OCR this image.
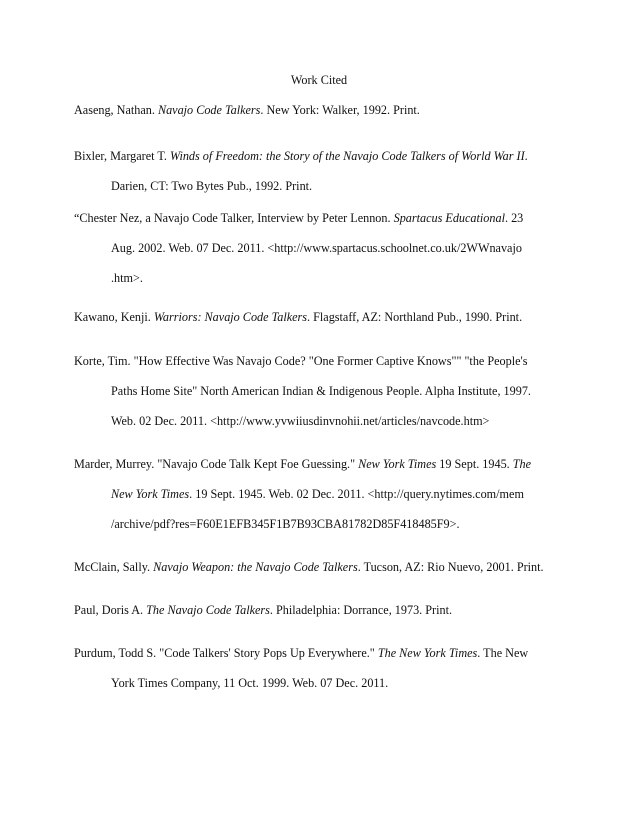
Work Cited
Aaseng, Nathan. Navajo Code Talkers. New York: Walker, 1992. Print.
Bixler, Margaret T. Winds of Freedom: the Story of the Navajo Code Talkers of World War II.
Darien, CT: Two Bytes Pub., 1992. Print.
“Chester Nez, a Navajo Code Talker, Interview by Peter Lennon. Spartacus Educational. 23
Aug. 2002. Web. 07 Dec. 2011. <http://www.spartacus.schoolnet.co.uk/2WWnavajo
.htm>.
Kawano, Kenji. Warriors: Navajo Code Talkers. Flagstaff, AZ: Northland Pub., 1990. Print.
Korte, Tim. "How Effective Was Navajo Code? "One Former Captive Knows"" "the People's
Paths Home Site" North American Indian & Indigenous People. Alpha Institute, 1997.
Web. 02 Dec. 2011. <http://www.yvwiiusdinvnohii.net/articles/navcode.htm>
Marder, Murrey. "Navajo Code Talk Kept Foe Guessing." New York Times 19 Sept. 1945. The
New York Times. 19 Sept. 1945. Web. 02 Dec. 2011. <http://query.nytimes.com/mem
/archive/pdf?res=F60E1EFB345F1B7B93CBA81782D85F418485F9>.
McClain, Sally. Navajo Weapon: the Navajo Code Talkers. Tucson, AZ: Rio Nuevo, 2001. Print.
Paul, Doris A. The Navajo Code Talkers. Philadelphia: Dorrance, 1973. Print.
Purdum, Todd S. "Code Talkers' Story Pops Up Everywhere." The New York Times. The New
York Times Company, 11 Oct. 1999. Web. 07 Dec. 2011.
